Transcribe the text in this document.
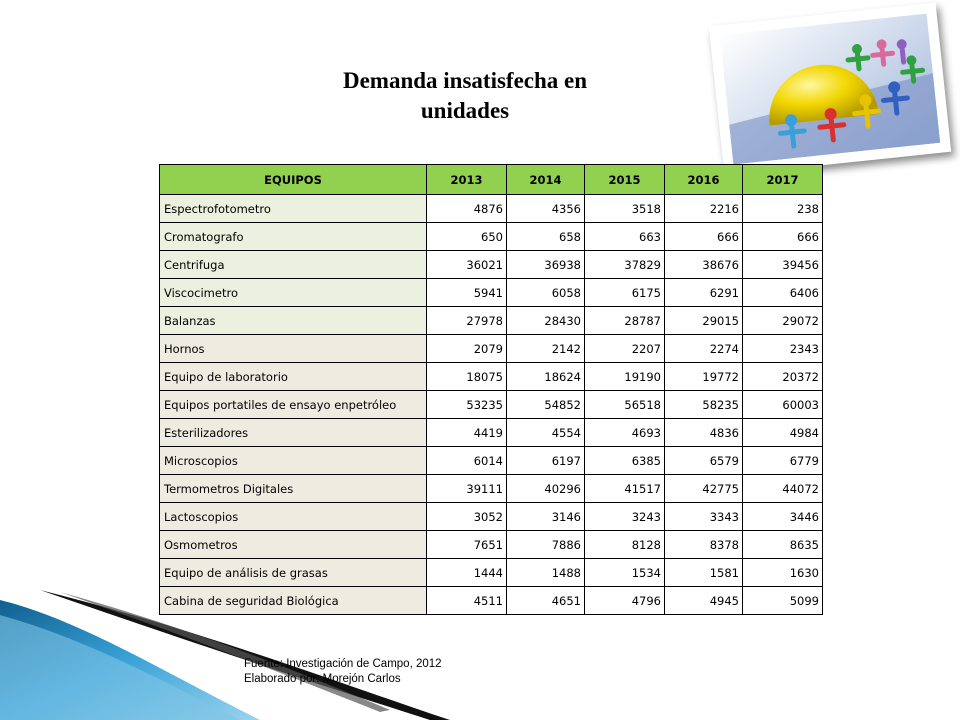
Demanda insatisfecha en
unidades
EQUIPOS	2013	2014	2015	2016	2017
Espectrofotometro	4876	4356	3518	2216	238
Cromatografo	650	658	663	666	666
Centrifuga	36021	36938	37829	38676	39456
Viscocimetro	5941	6058	6175	6291	6406
Balanzas	27978	28430	28787	29015	29072
Hornos	2079	2142	2207	2274	2343
Equipo de laboratorio	18075	18624	19190	19772	20372
Equipos portatiles de ensayo enpetróleo	53235	54852	56518	58235	60003
Esterilizadores	4419	4554	4693	4836	4984
Microscopios	6014	6197	6385	6579	6779
Termometros Digitales	39111	40296	41517	42775	44072
Lactoscopios	3052	3146	3243	3343	3446
Osmometros	7651	7886	8128	8378	8635
Equipo de análisis de grasas	1444	1488	1534	1581	1630
Cabina de seguridad Biológica	4511	4651	4796	4945	5099
Fuente: Investigación de Campo, 2012
Elaborado por: Morejón Carlos
